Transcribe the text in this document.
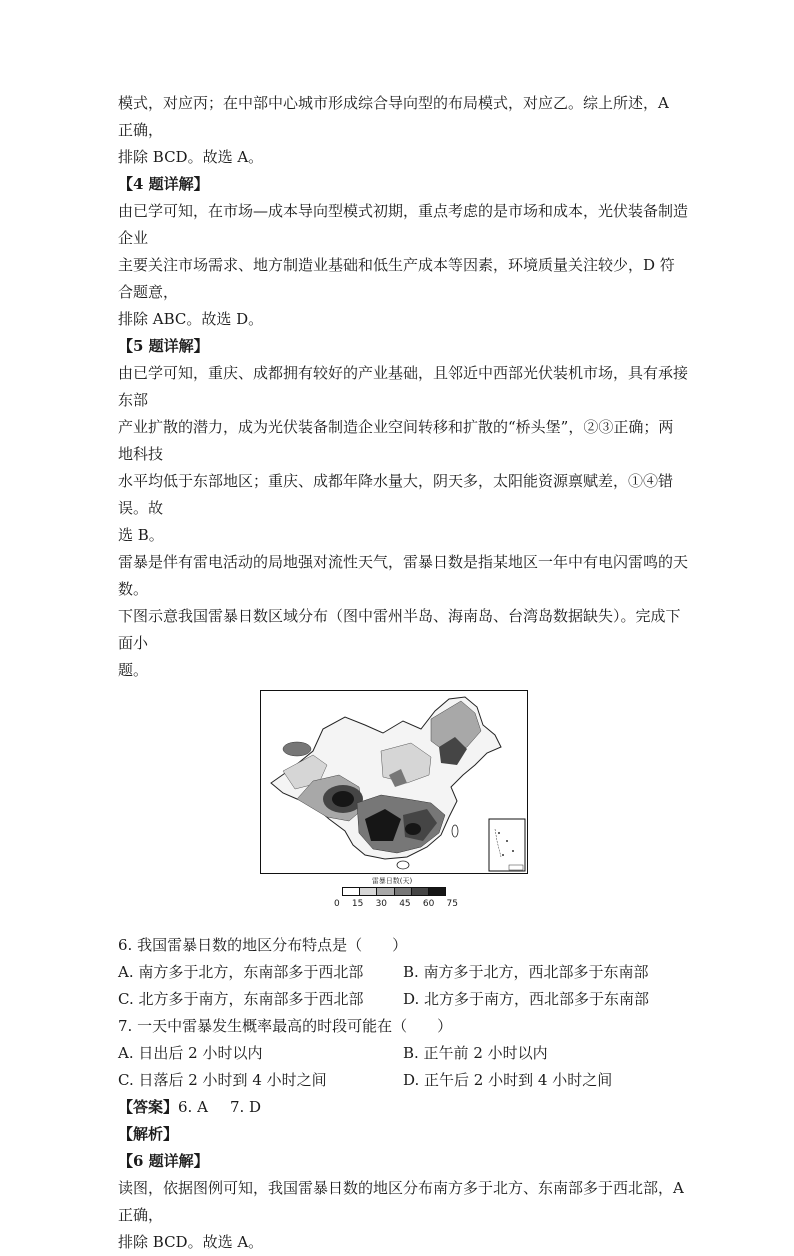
模式，对应丙；在中部中心城市形成综合导向型的布局模式，对应乙。综上所述，A 正确，

排除 BCD。故选 A。

【4 题详解】

由已学可知，在市场—成本导向型模式初期，重点考虑的是市场和成本，光伏装备制造企业

主要关注市场需求、地方制造业基础和低生产成本等因素，环境质量关注较少，D 符合题意，

排除 ABC。故选 D。

【5 题详解】

由已学可知，重庆、成都拥有较好的产业基础，且邻近中西部光伏装机市场，具有承接东部

产业扩散的潜力，成为光伏装备制造企业空间转移和扩散的“桥头堡”，②③正确；两地科技

水平均低于东部地区；重庆、成都年降水量大，阴天多，太阳能资源禀赋差，①④错误。故

选 B。

雷暴是伴有雷电活动的局地强对流性天气，雷暴日数是指某地区一年中有电闪雷鸣的天数。

下图示意我国雷暴日数区域分布（图中雷州半岛、海南岛、台湾岛数据缺失）。完成下面小

题。

雷暴日数(天)
0 15 30 45 60 75

6. 我国雷暴日数的地区分布特点是（　　）

A. 南方多于北方，东南部多于西北部	B. 南方多于北方，西北部多于东南部
C. 北方多于南方，东南部多于西北部	D. 北方多于南方，西北部多于东南部

7. 一天中雷暴发生概率最高的时段可能在（　　）

A. 日出后 2 小时以内	B. 正午前 2 小时以内
C. 日落后 2 小时到 4 小时之间	D. 正午后 2 小时到 4 小时之间
【答案】6. A 7. D

【解析】

【6 题详解】

读图，依据图例可知，我国雷暴日数的地区分布南方多于北方、东南部多于西北部，A 正确，

排除 BCD。故选 A。
